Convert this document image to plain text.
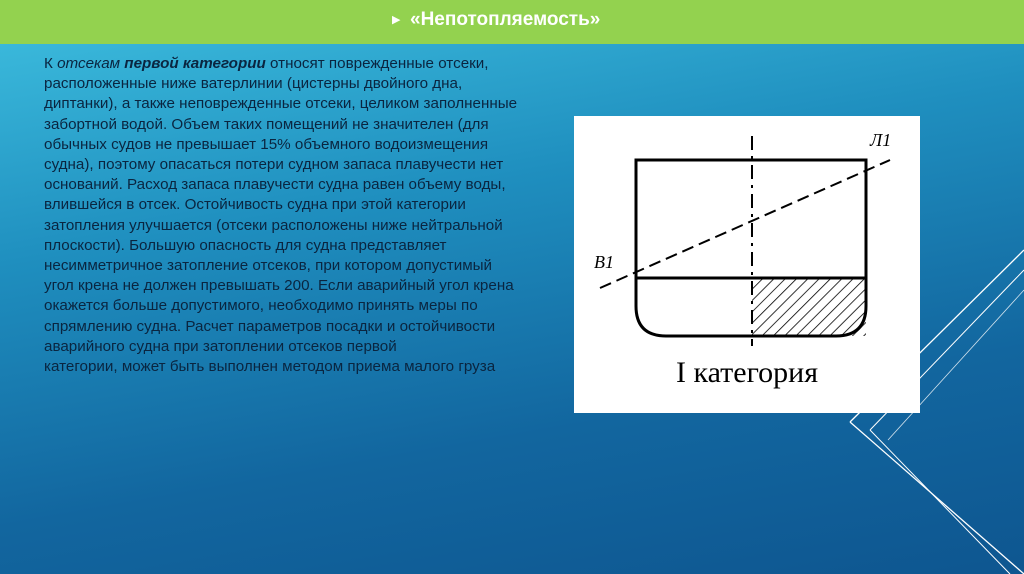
▶ «Непотопляемость»

К отсекам первой категории относят поврежденные отсеки, расположенные ниже ватерлинии (цистерны двойного дна, диптанки), а также неповрежденные отсеки, целиком заполненные забортной водой. Объем таких помещений не значителен (для обычных судов не превышает 15% объемного водоизмещения судна), поэтому опасаться потери судном запаса плавучести нет оснований. Расход запаса плавучести судна равен объему воды, влившейся в отсек. Остойчивость судна при этой категории затопления улучшается (отсеки расположены ниже нейтральной плоскости). Большую опасность для судна представляет несимметричное затопление отсеков, при котором допустимый угол крена не должен превышать 200. Если аварийный угол крена окажется больше допустимого, необходимо принять меры по спрямлению судна. Расчет параметров посадки и остойчивости аварийного судна при затоплении отсеков первой

категории, может быть выполнен методом приема малого груза

Л1
В1
I категория
